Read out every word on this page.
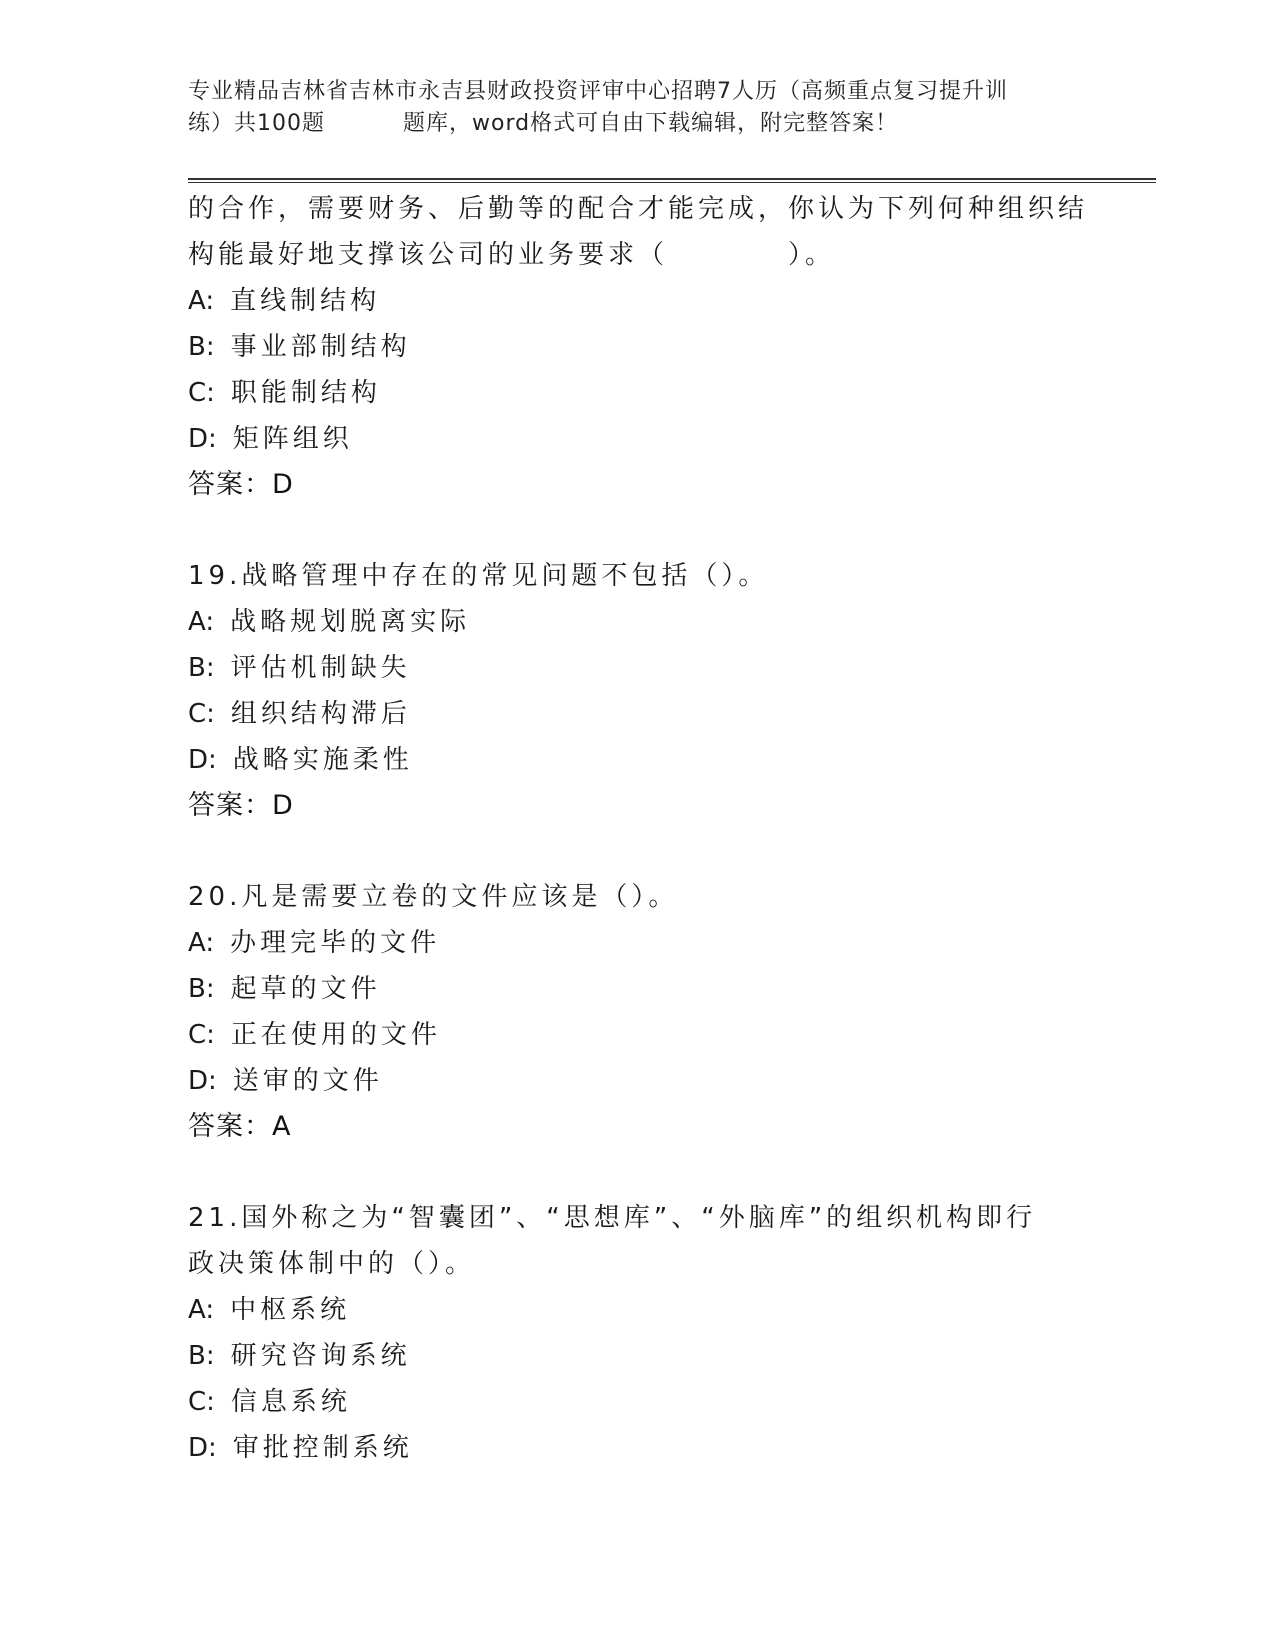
专业精品吉林省吉林市永吉县财政投资评审中心招聘7人历（高频重点复习提升训
练）共100题	题库，word格式可自由下载编辑，附完整答案！
的合作，需要财务、后勤等的配合才能完成，你认为下列何种组织结
构能最好地支撑该公司的业务要求（	）。
A: 直线制结构
B: 事业部制结构
C: 职能制结构
D: 矩阵组织
答案：D
19.战略管理中存在的常见问题不包括（）。
A: 战略规划脱离实际
B: 评估机制缺失
C: 组织结构滞后
D: 战略实施柔性
答案：D
20.凡是需要立卷的文件应该是（）。
A: 办理完毕的文件
B: 起草的文件
C: 正在使用的文件
D: 送审的文件
答案：A
21.国外称之为“智囊团”、“思想库”、“外脑库”的组织机构即行
政决策体制中的（）。
A: 中枢系统
B: 研究咨询系统
C: 信息系统
D: 审批控制系统
